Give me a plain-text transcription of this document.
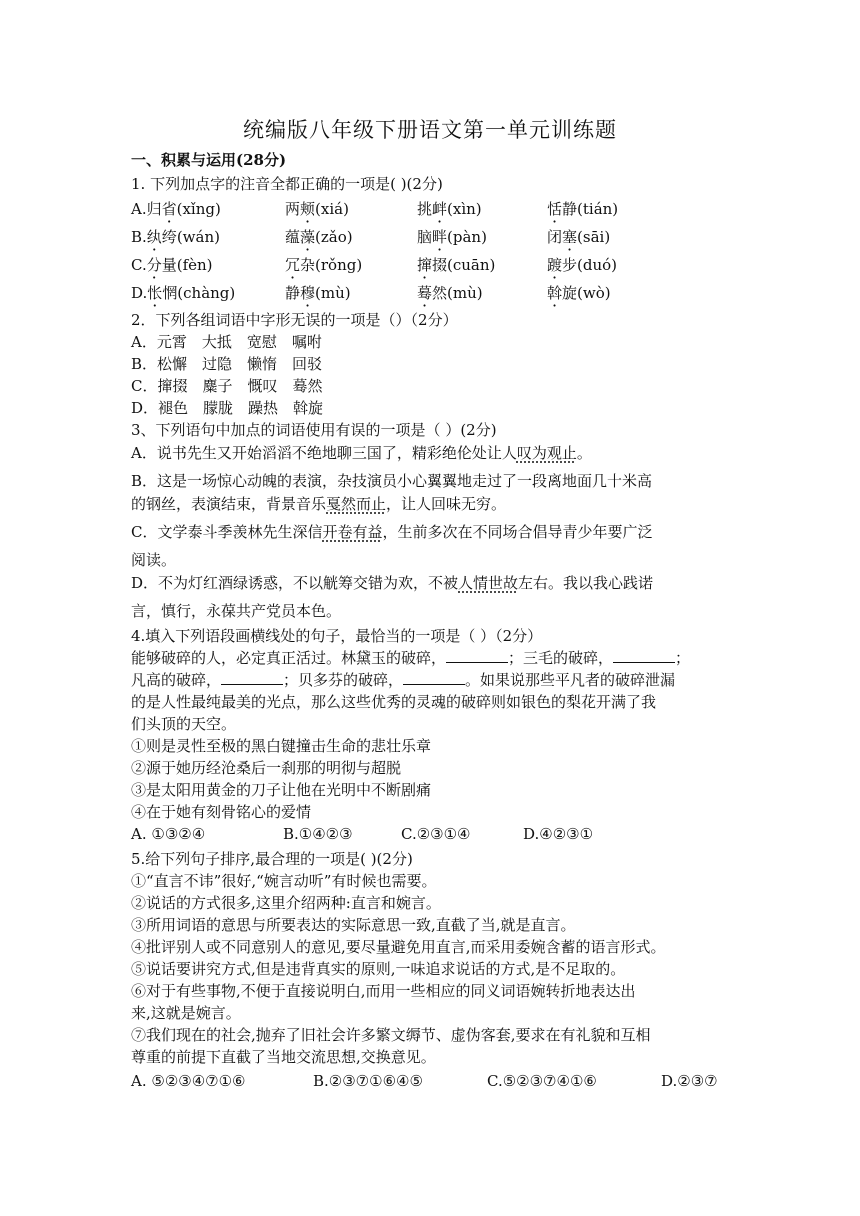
统编版八年级下册语文第一单元训练题
一、积累与运用(28分)
1. 下列加点字的注音全都正确的一项是( )(2分)
A.归省(xǐng)	两颊(xiá)	挑衅(xìn)	恬静(tián)
B.纨绔(wán)	蕴藻(zǎo)	脑畔(pàn)	闭塞(sāi)
C.分量(fèn)	冗杂(rǒng)	撺掇(cuān)	踱步(duó)
D.怅惘(chàng)	静穆(mù)	蓦然(mù)	斡旋(wò)
2．下列各组词语中字形无误的一项是（）（2分）
A．元霄　大抵　宽慰　嘱咐
B．松懈　过隐　懒惰　回驳
C．撺掇　麋子　慨叹　蓦然
D．褪色　朦胧　躁热　斡旋
3、下列语句中加点的词语使用有误的一项是（ ）(2分)
A．说书先生又开始滔滔不绝地聊三国了，精彩绝伦处让人叹为观止。
B．这是一场惊心动魄的表演，杂技演员小心翼翼地走过了一段离地面几十米高
的钢丝，表演结束，背景音乐戛然而止，让人回味无穷。
C．文学泰斗季羡林先生深信开卷有益，生前多次在不同场合倡导青少年要广泛
阅读。
D．不为灯红酒绿诱惑，不以觥筹交错为欢，不被人情世故左右。我以我心践诺
言，慎行，永葆共产党员本色。
4.填入下列语段画横线处的句子，最恰当的一项是（ ）（2分）
能够破碎的人，必定真正活过。林黛玉的破碎，	；三毛的破碎，	；
凡高的破碎，	；贝多芬的破碎，	。如果说那些平凡者的破碎泄漏
的是人性最纯最美的光点，那么这些优秀的灵魂的破碎则如银色的梨花开满了我
们头顶的天空。
①则是灵性至极的黑白键撞击生命的悲壮乐章
②源于她历经沧桑后一刹那的明彻与超脱
③是太阳用黄金的刀子让他在光明中不断剧痛
④在于她有刻骨铭心的爱情
A. ①③②④	B.①④②③	C.②③①④	D.④②③①
5.给下列句子排序,最合理的一项是( )(2分)
①“直言不讳”很好,“婉言动听”有时候也需要。
②说话的方式很多,这里介绍两种:直言和婉言。
③所用词语的意思与所要表达的实际意思一致,直截了当,就是直言。
④批评别人或不同意别人的意见,要尽量避免用直言,而采用委婉含蓄的语言形式。
⑤说话要讲究方式,但是违背真实的原则,一味追求说话的方式,是不足取的。
⑥对于有些事物,不便于直接说明白,而用一些相应的同义词语婉转折地表达出
来,这就是婉言。
⑦我们现在的社会,抛弃了旧社会许多繁文缛节、虚伪客套,要求在有礼貌和互相
尊重的前提下直截了当地交流思想,交换意见。
A. ⑤②③④⑦①⑥	B.②③⑦①⑥④⑤	C.⑤②③⑦④①⑥	D.②③⑦
